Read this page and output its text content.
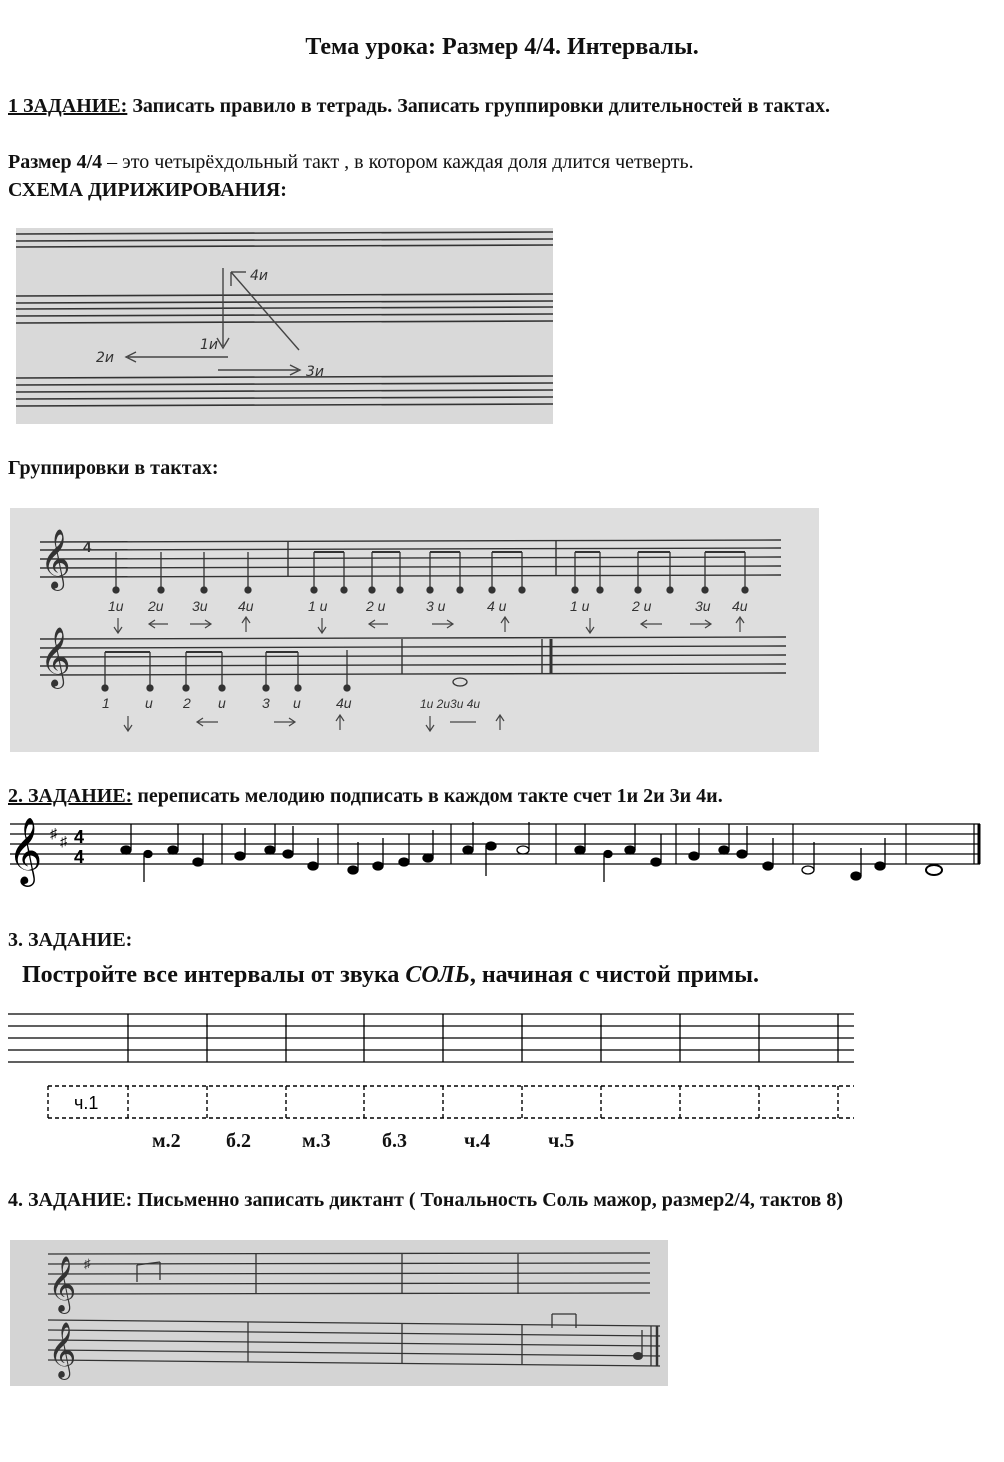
Тема урока: Размер 4/4. Интервалы.
1 ЗАДАНИЕ: Записать правило в тетрадь. Записать группировки длительностей в тактах.
Размер 4/4 – это четырёхдольный такт , в котором каждая доля длится четверть.
СХЕМА ДИРИЖИРОВАНИЯ:
4и
1и
2и
3и
Группировки в тактах:
𝄞 4
𝄞
1и 2и 3и 4и	1 и	2 и	3 и	4 и	1 и	2 и	3и 4и
1	и 2 и	3 и	4и	1и 2и3и 4и
2. ЗАДАНИЕ: переписать мелодию подписать в каждом такте счет 1и 2и 3и 4и.
𝄞 ♯ ♯ 4
4
3. ЗАДАНИЕ:
Постройте все интервалы от звука СОЛЬ, начиная с чистой примы.
ч.1
м.2 б.2	м.3	б.3	ч.4	ч.5
4. ЗАДАНИЕ: Письменно записать диктант ( Тональность Соль мажор, размер2/4, тактов 8)
𝄞
𝄞
♯
